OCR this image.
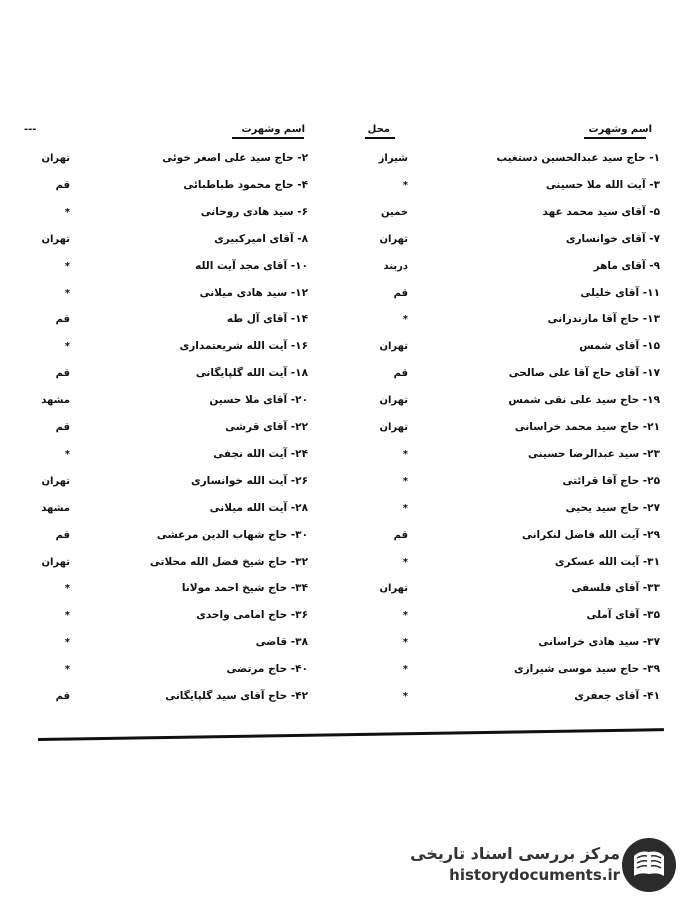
---	اسم وشهرت
محل
اسم وشهرت
۱- حاج سید عبدالحسین دستغیب
شیراز
۳- آیت الله ملا حسینی
*
۵- آقای سید محمد عهد
خمین
۷- آقای خوانساری
تهران
۹- آقای ماهر
دربند
۱۱- آقای خلیلی
قم
۱۳- حاج آقا مازندرانی
*
۱۵- آقای شمس
تهران
۱۷- آقای حاج آقا علی صالحی
قم
۱۹- حاج سید علی نقی شمس
تهران
۲۱- حاج سید محمد خراسانی
تهران
۲۳- سید عبدالرضا حسینی
*
۲۵- حاج آقا قرائتی
*
۲۷- حاج سید یحیی
*
۲۹- آیت الله فاضل لنکرانی
قم
۳۱- آیت الله عسکری
*
۳۳- آقای فلسفی
تهران
۳۵- آقای آملی
*
۳۷- سید هادی خراسانی
*
۳۹- حاج سید موسی شیرازی
*
۴۱- آقای جعفری
*
۲- حاج سید علی اصغر خوئی
تهران
۴- حاج محمود طباطبائی
قم
۶- سید هادی روحانی
*
۸- آقای امیرکبیری
تهران
۱۰- آقای مجد آیت الله
*
۱۲- سید هادی میلانی
*
۱۴- آقای آل طه
قم
۱۶- آیت الله شریعتمداری
*
۱۸- آیت الله گلپایگانی
قم
۲۰- آقای ملا حسین
مشهد
۲۲- آقای قرشی
قم
۲۴- آیت الله نجفی
*
۲۶- آیت الله خوانساری
تهران
۲۸- آیت الله میلانی
مشهد
۳۰- حاج شهاب الدین مرعشی
قم
۳۲- حاج شیخ فضل الله محلاتی
تهران
۳۴- حاج شیخ احمد مولانا
*
۳۶- حاج امامی واحدی
*
۳۸- قاضی
*
۴۰- حاج مرتضی
*
۴۲- حاج آقای سید گلپایگانی
قم
مرکز بررسی اسناد تاریخی
historydocuments.ir
